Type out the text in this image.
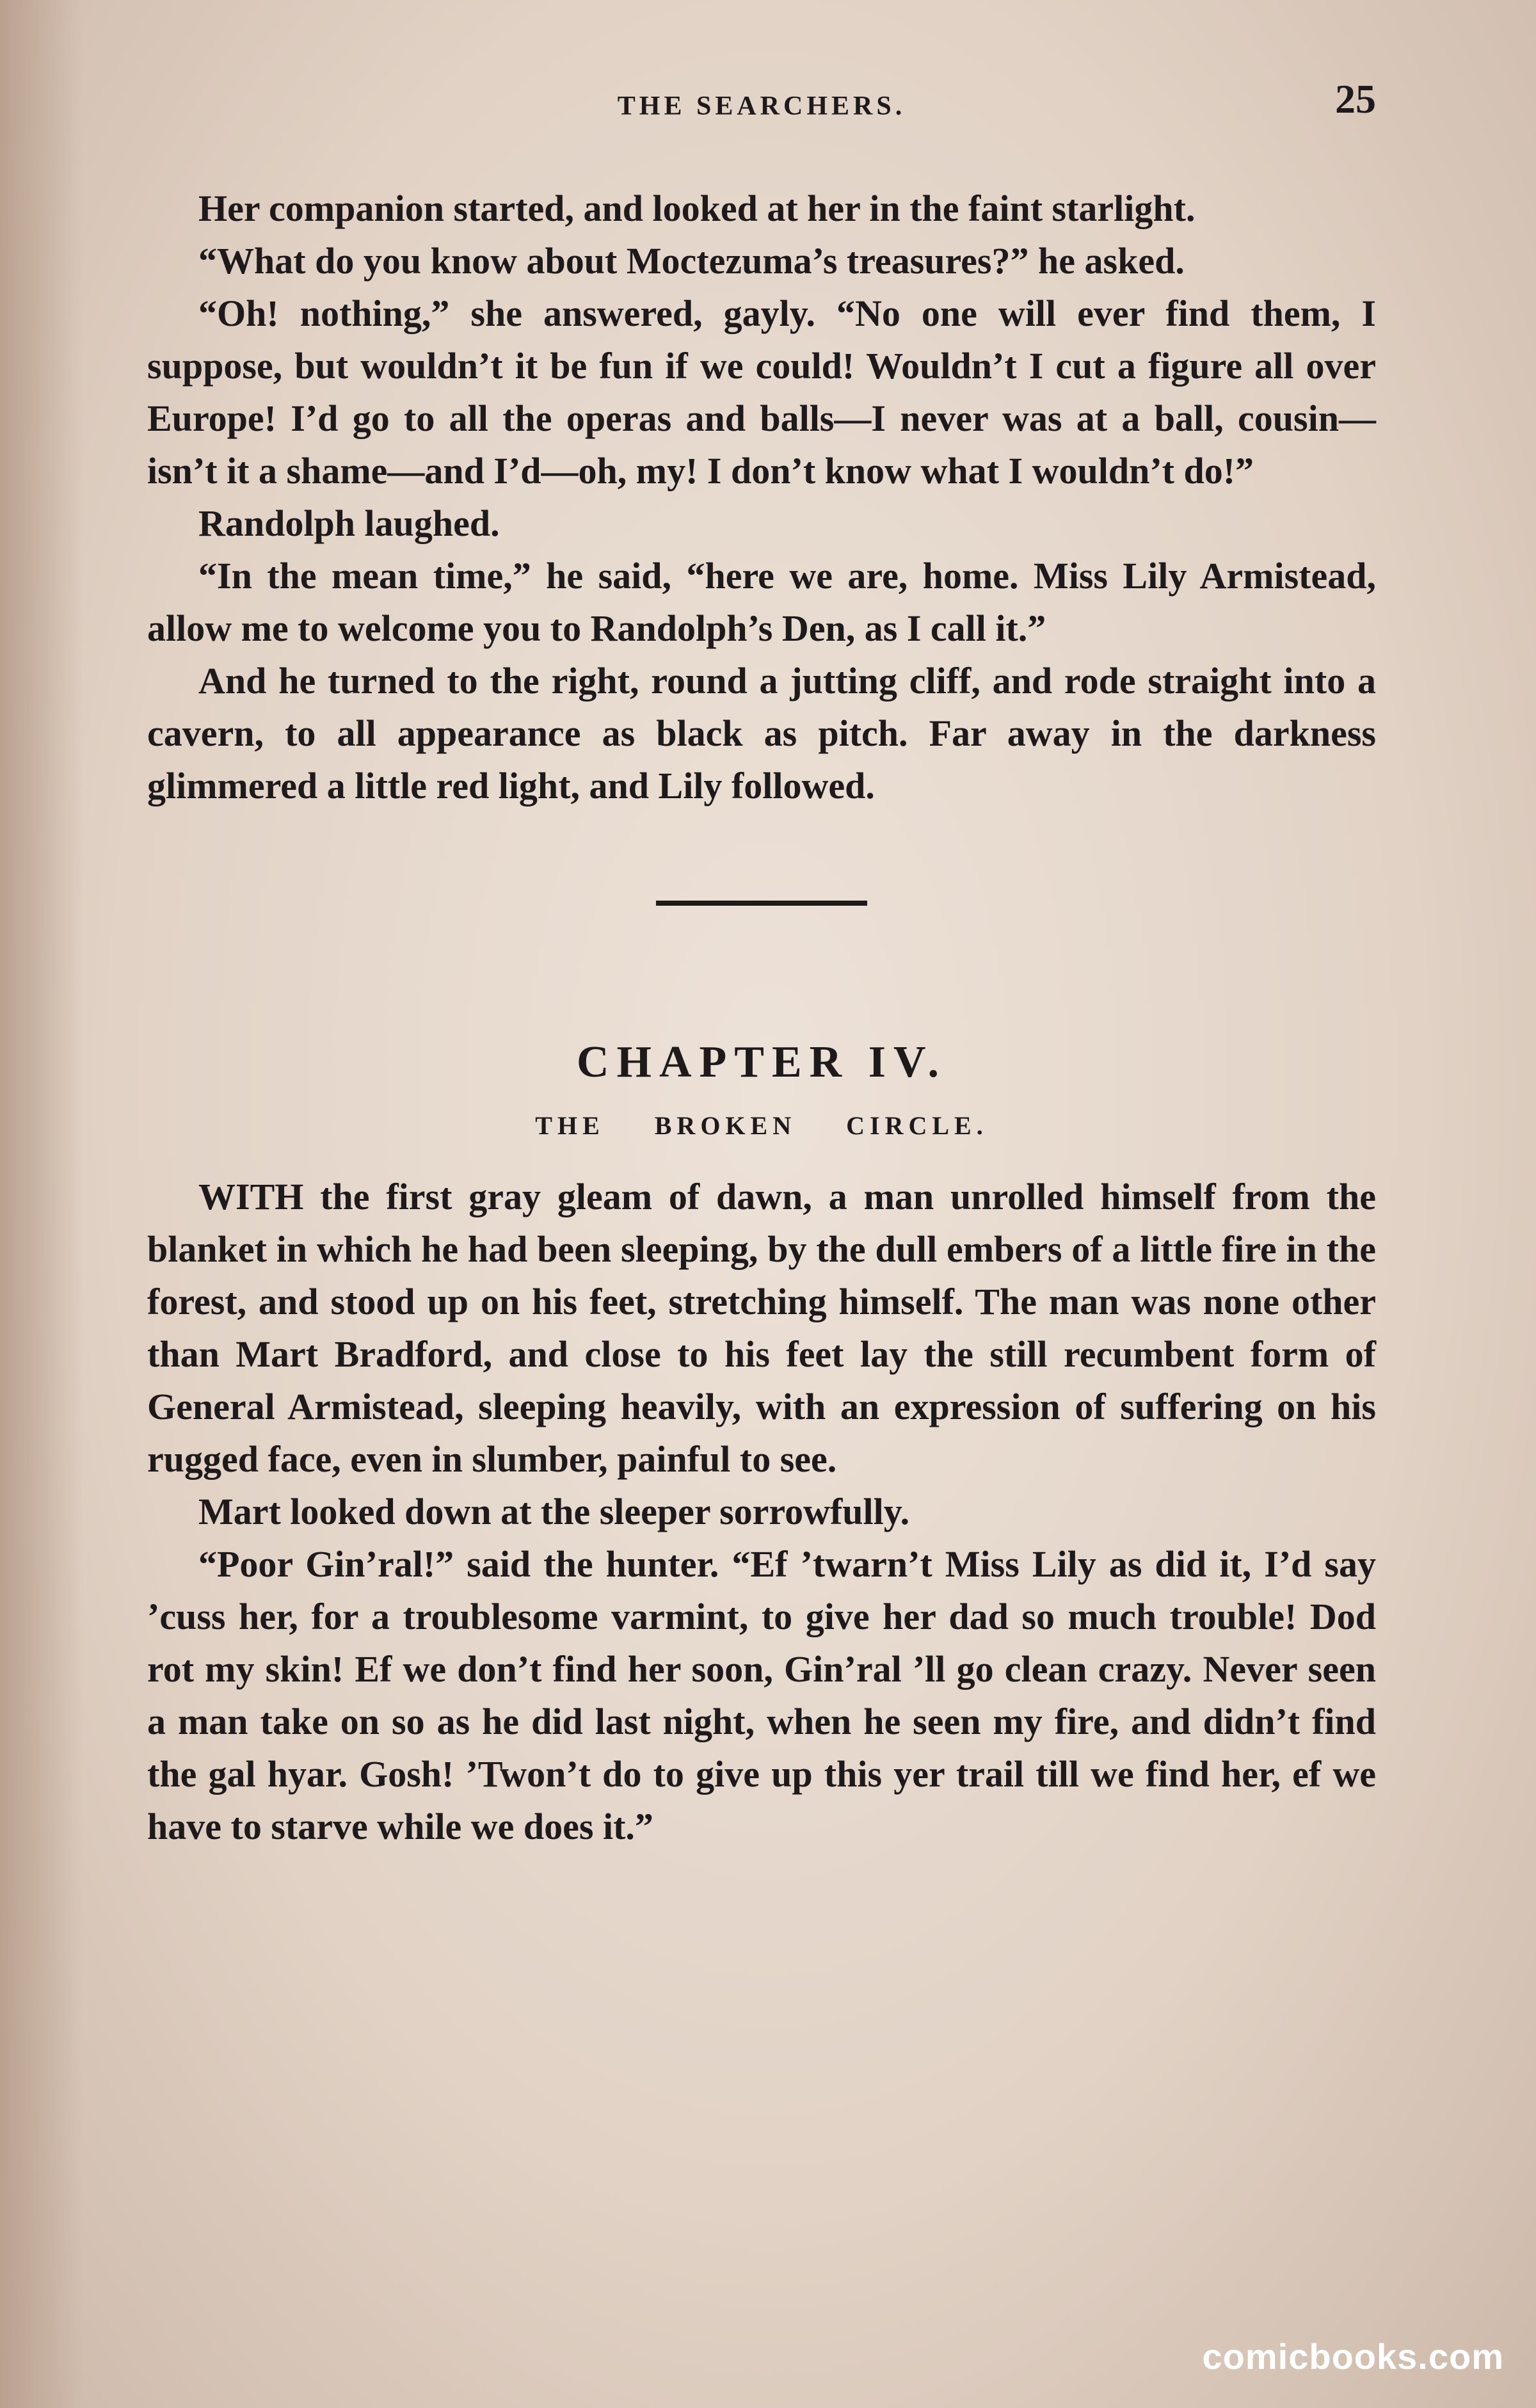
THE SEARCHERS.	25

Her companion started, and looked at her in the faint starlight.

“What do you know about Moctezuma’s treasures?” he asked.

“Oh! nothing,” she answered, gayly. “No one will ever find them, I suppose, but wouldn’t it be fun if we could! Wouldn’t I cut a figure all over Europe! I’d go to all the operas and balls—I never was at a ball, cousin—isn’t it a shame—and I’d—oh, my! I don’t know what I wouldn’t do!”

Randolph laughed.

“In the mean time,” he said, “here we are, home. Miss Lily Armistead, allow me to welcome you to Randolph’s Den, as I call it.”

And he turned to the right, round a jutting cliff, and rode straight into a cavern, to all appearance as black as pitch. Far away in the darkness glimmered a little red light, and Lily followed.

CHAPTER IV.
THE BROKEN CIRCLE.

WITH the first gray gleam of dawn, a man unrolled himself from the blanket in which he had been sleeping, by the dull embers of a little fire in the forest, and stood up on his feet, stretching himself. The man was none other than Mart Bradford, and close to his feet lay the still recumbent form of General Armistead, sleeping heavily, with an expression of suffering on his rugged face, even in slumber, painful to see.

Mart looked down at the sleeper sorrowfully.

“Poor Gin’ral!” said the hunter. “Ef ’twarn’t Miss Lily as did it, I’d say ’cuss her, for a troublesome varmint, to give her dad so much trouble! Dod rot my skin! Ef we don’t find her soon, Gin’ral ’ll go clean crazy. Never seen a man take on so as he did last night, when he seen my fire, and didn’t find the gal hyar. Gosh! ’Twon’t do to give up this yer trail till we find her, ef we have to starve while we does it.”

comicbooks.com
